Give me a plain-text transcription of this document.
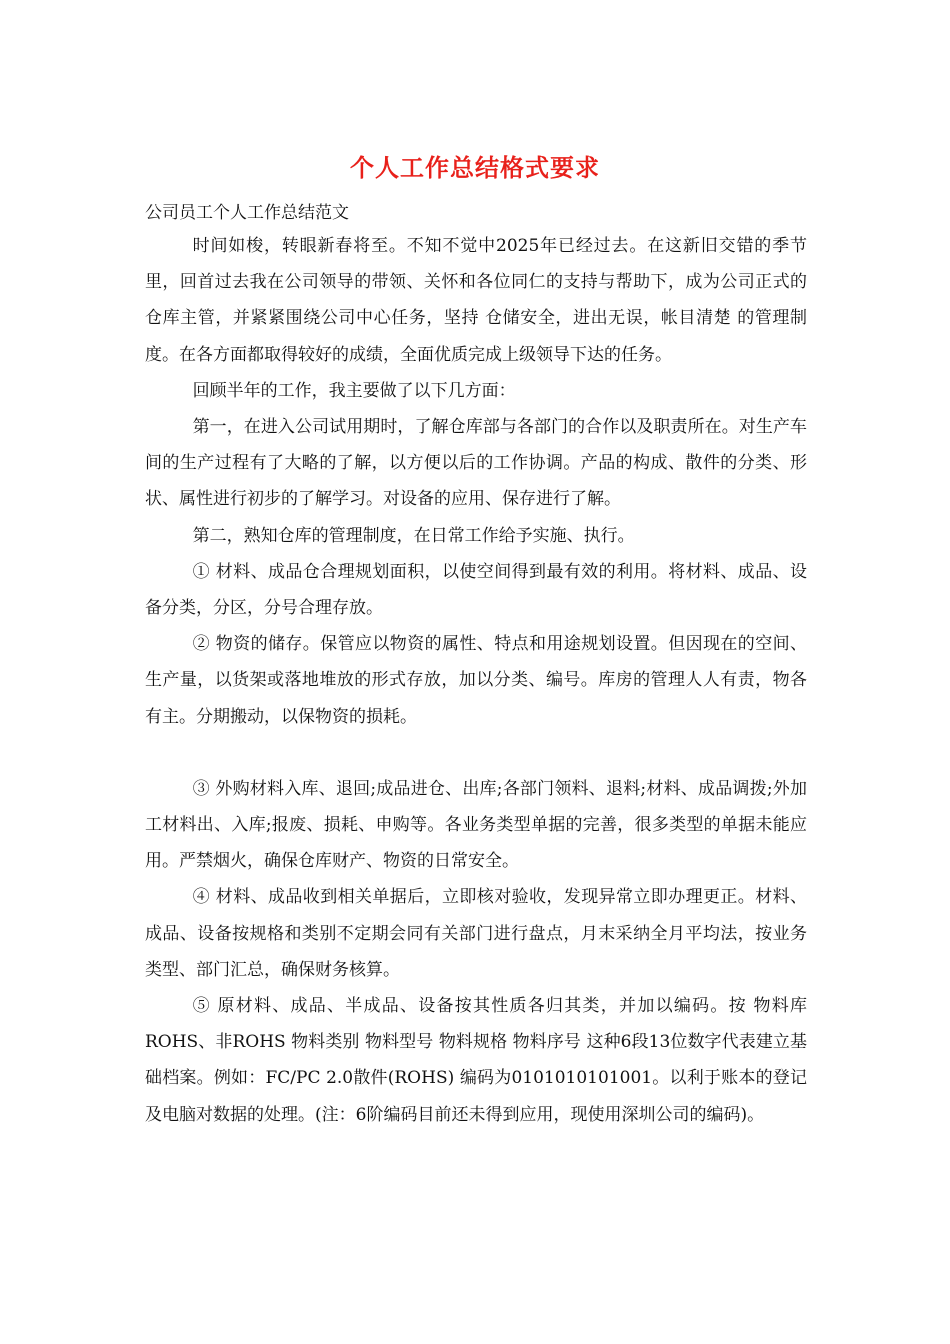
个人工作总结格式要求
公司员工个人工作总结范文

时间如梭，转眼新春将至。不知不觉中2025年已经过去。在这新旧交错的季节里，回首过去我在公司领导的带领、关怀和各位同仁的支持与帮助下，成为公司正式的仓库主管，并紧紧围绕公司中心任务，坚持 仓储安全，进出无误，帐目清楚 的管理制度。在各方面都取得较好的成绩，全面优质完成上级领导下达的任务。

回顾半年的工作，我主要做了以下几方面：

第一，在进入公司试用期时，了解仓库部与各部门的合作以及职责所在。对生产车间的生产过程有了大略的了解，以方便以后的工作协调。产品的构成、散件的分类、形状、属性进行初步的了解学习。对设备的应用、保存进行了解。

第二，熟知仓库的管理制度，在日常工作给予实施、执行。

① 材料、成品仓合理规划面积，以使空间得到最有效的利用。将材料、成品、设备分类，分区，分号合理存放。

② 物资的储存。保管应以物资的属性、特点和用途规划设置。但因现在的空间、生产量，以货架或落地堆放的形式存放，加以分类、编号。库房的管理人人有责，物各有主。分期搬动，以保物资的损耗。

③ 外购材料入库、退回;成品进仓、出库;各部门领料、退料;材料、成品调拨;外加工材料出、入库;报废、损耗、申购等。各业务类型单据的完善，很多类型的单据未能应用。严禁烟火，确保仓库财产、物资的日常安全。

④ 材料、成品收到相关单据后，立即核对验收，发现异常立即办理更正。材料、成品、设备按规格和类别不定期会同有关部门进行盘点，月末采纳全月平均法，按业务类型、部门汇总，确保财务核算。

⑤ 原材料、成品、半成品、设备按其性质各归其类，并加以编码。按 物料库 ROHS、非ROHS 物料类别 物料型号 物料规格 物料序号 这种6段13位数字代表建立基础档案。例如：FC/PC 2.0散件(ROHS) 编码为0101010101001。以利于账本的登记及电脑对数据的处理。(注：6阶编码目前还未得到应用，现使用深圳公司的编码)。
